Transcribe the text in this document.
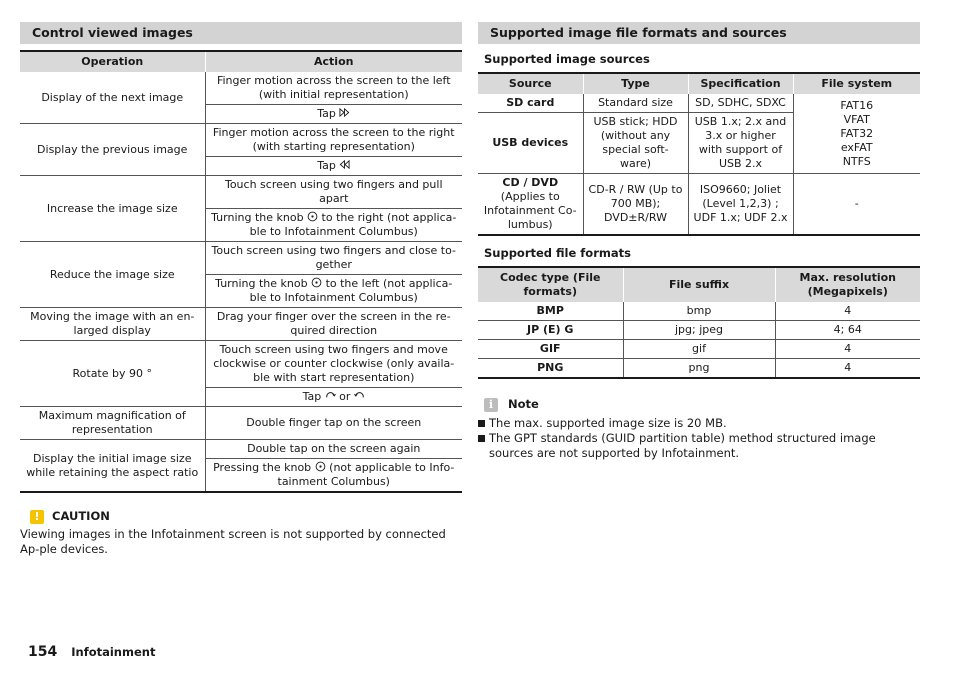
Control viewed images
Operation	Action
Display of the next image	Finger motion across the screen to the left (with initial representation)
	Tap
Display the previous image	Finger motion across the screen to the right (with starting representation)
	Tap
Increase the image size	Touch screen using two fingers and pull apart
	Turning the knob  to the right (not applica-ble to Infotainment Columbus)
Reduce the image size	Touch screen using two fingers and close to-gether
	Turning the knob  to the left (not applica-ble to Infotainment Columbus)
Moving the image with an en-larged display	Drag your finger over the screen in the re-quired direction
Rotate by 90 °	Touch screen using two fingers and move clockwise or counter clockwise (only availa-ble with start representation)
	Tap  or
Maximum magnification of representation	Double finger tap on the screen
Display the initial image size while retaining the aspect ratio	Double tap on the screen again
	Pressing the knob  (not applicable to Info-tainment Columbus)
!	CAUTION
Viewing images in the Infotainment screen is not supported by connected Ap-ple devices.
Supported image file formats and sources
Supported image sources
Source	Type	Specification	File system
SD card	Standard size	SD, SDHC, SDXC	FAT16
VFAT
FAT32
exFAT
NTFS

USB devices	USB stick; HDD (without any special soft-ware)	USB 1.x; 2.x and 3.x or higher with support of USB 2.x	
CD / DVD (Applies to Infotainment Co-lumbus)	CD-R / RW (Up to 700 MB); DVD±R/RW	ISO9660; Joliet (Level 1,2,3) ; UDF 1.x; UDF 2.x	-
Supported file formats
Codec type (File formats)	File suffix	Max. resolution (Megapixels)
BMP	bmp	4
JP (E) G	jpg; jpeg	4; 64
GIF	gif	4
PNG	png	4
i	Note
The max. supported image size is 20 MB.
The GPT standards (GUID partition table) method structured image sources are not supported by Infotainment.
154 Infotainment
